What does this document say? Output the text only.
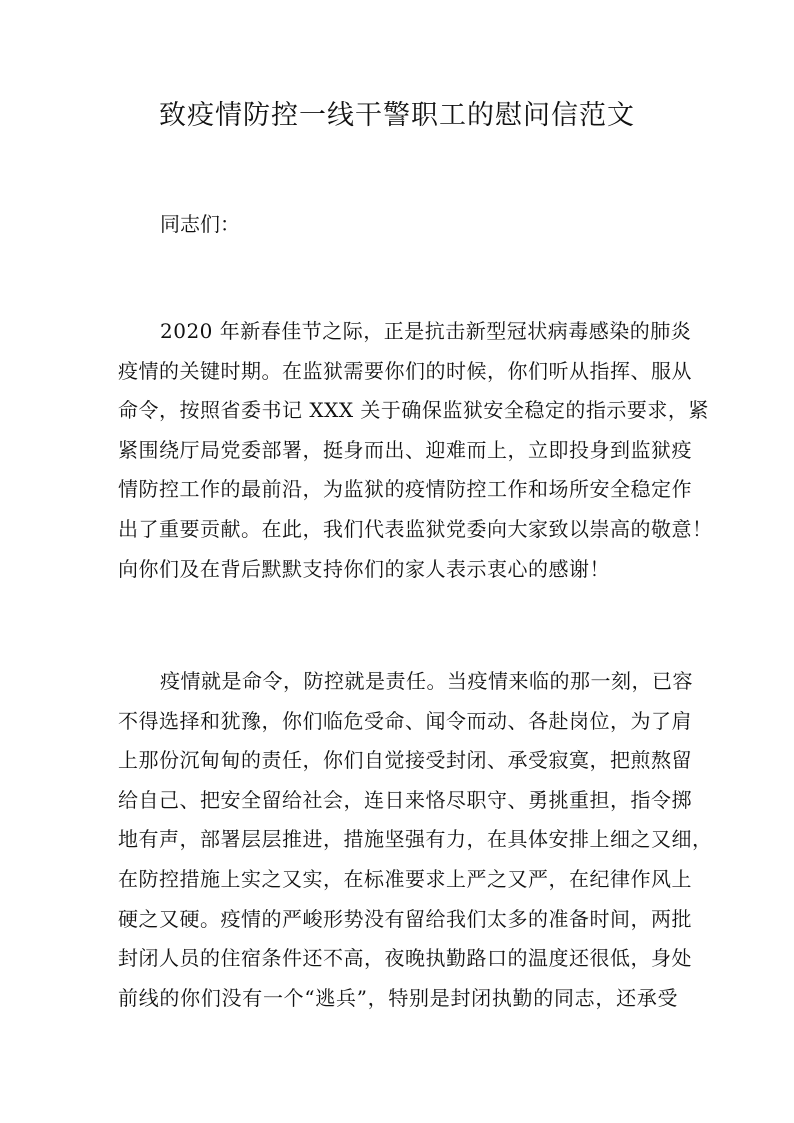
致疫情防控一线干警职工的慰问信范文
同志们：
2020 年新春佳节之际，正是抗击新型冠状病毒感染的肺炎
疫情的关键时期。在监狱需要你们的时候，你们听从指挥、服从
命令，按照省委书记 XXX 关于确保监狱安全稳定的指示要求，紧
紧围绕厅局党委部署，挺身而出、迎难而上，立即投身到监狱疫
情防控工作的最前沿，为监狱的疫情防控工作和场所安全稳定作
出了重要贡献。在此，我们代表监狱党委向大家致以崇高的敬意！
向你们及在背后默默支持你们的家人表示衷心的感谢！
疫情就是命令，防控就是责任。当疫情来临的那一刻，已容
不得选择和犹豫，你们临危受命、闻令而动、各赴岗位，为了肩
上那份沉甸甸的责任，你们自觉接受封闭、承受寂寞，把煎熬留
给自己、把安全留给社会，连日来恪尽职守、勇挑重担，指令掷
地有声，部署层层推进，措施坚强有力，在具体安排上细之又细，
在防控措施上实之又实，在标准要求上严之又严，在纪律作风上
硬之又硬。疫情的严峻形势没有留给我们太多的准备时间，两批
封闭人员的住宿条件还不高，夜晚执勤路口的温度还很低，身处
前线的你们没有一个“逃兵”，特别是封闭执勤的同志，还承受
